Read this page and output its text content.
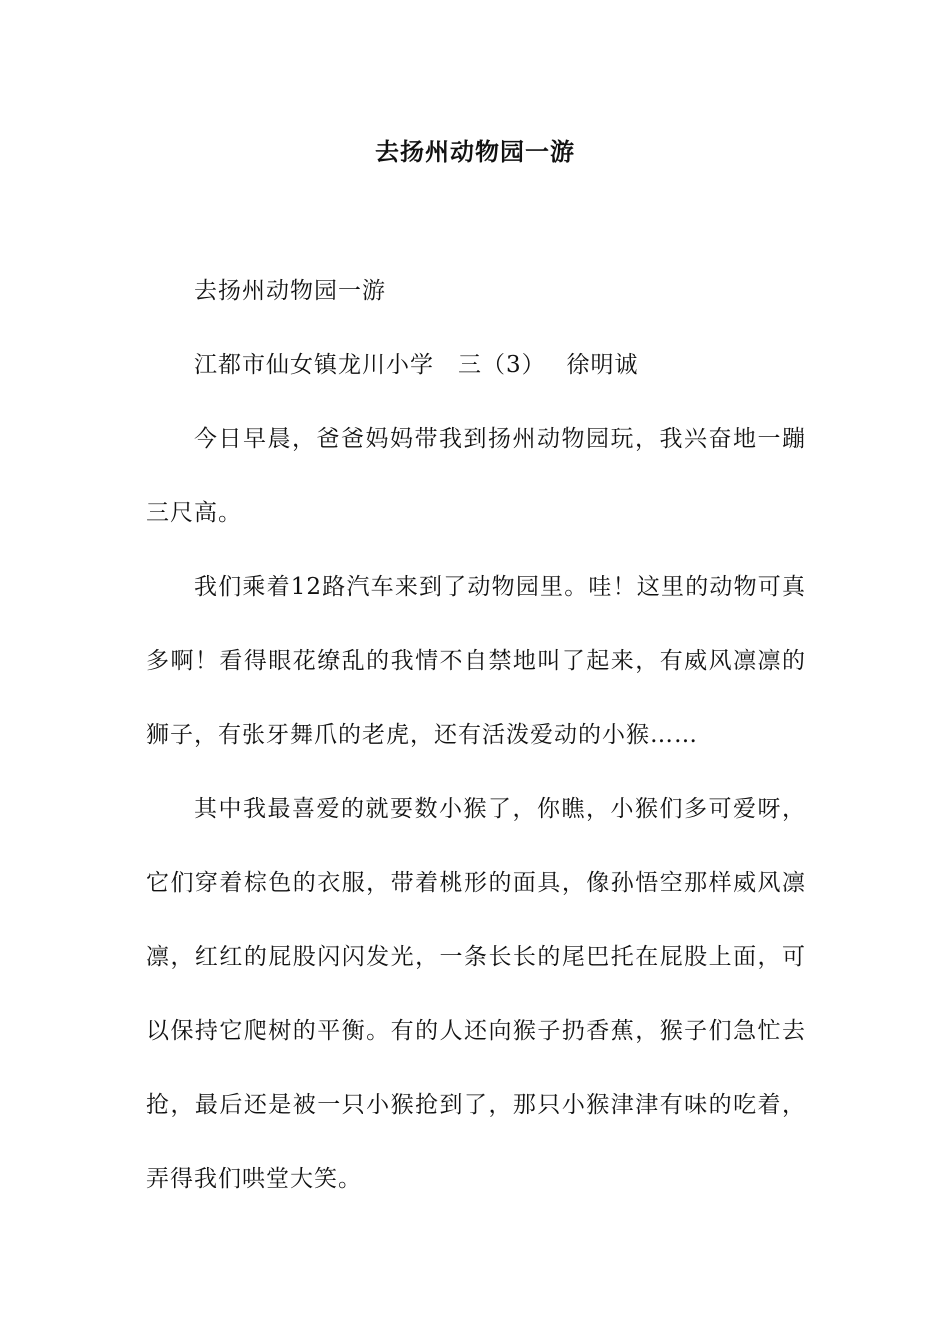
去扬州动物园一游

去扬州动物园一游

江都市仙女镇龙川小学　三（3）　 徐明诚

今日早晨，爸爸妈妈带我到扬州动物园玩，我兴奋地一蹦三尺高。

我们乘着12路汽车来到了动物园里。哇！这里的动物可真多啊！看得眼花缭乱的我情不自禁地叫了起来，有威风凛凛的狮子，有张牙舞爪的老虎，还有活泼爱动的小猴……

其中我最喜爱的就要数小猴了，你瞧，小猴们多可爱呀，它们穿着棕色的衣服，带着桃形的面具，像孙悟空那样威风凛凛，红红的屁股闪闪发光，一条长长的尾巴托在屁股上面，可以保持它爬树的平衡。有的人还向猴子扔香蕉，猴子们急忙去抢，最后还是被一只小猴抢到了，那只小猴津津有味的吃着，弄得我们哄堂大笑。
